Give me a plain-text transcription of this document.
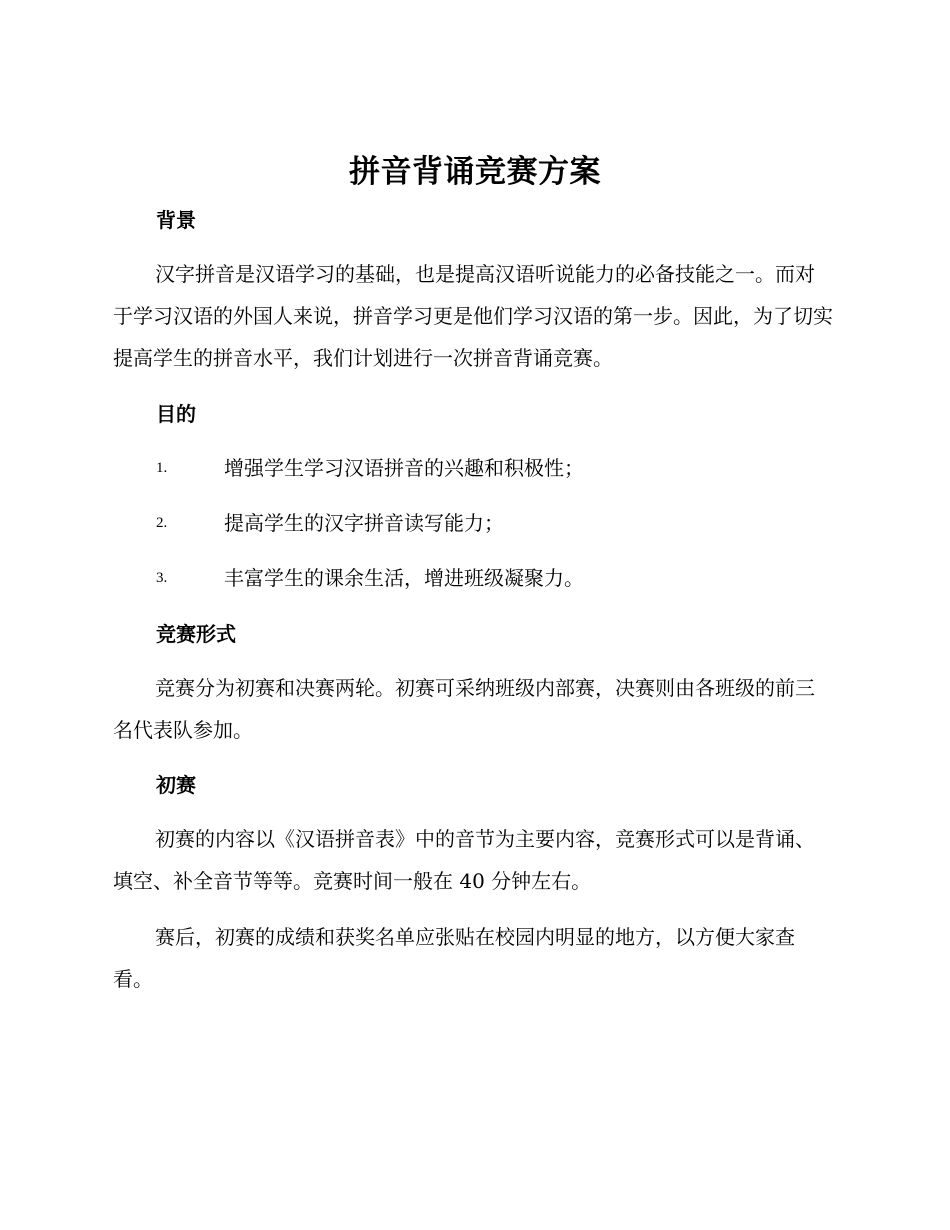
拼音背诵竞赛方案
背景

汉字拼音是汉语学习的基础，也是提高汉语听说能力的必备技能之一。而对于学习汉语的外国人来说，拼音学习更是他们学习汉语的第一步。因此，为了切实提高学生的拼音水平，我们计划进行一次拼音背诵竞赛。

目的
1.	增强学生学习汉语拼音的兴趣和积极性；
2.	提高学生的汉字拼音读写能力；
3.	丰富学生的课余生活，增进班级凝聚力。
竞赛形式

竞赛分为初赛和决赛两轮。初赛可采纳班级内部赛，决赛则由各班级的前三名代表队参加。

初赛

初赛的内容以《汉语拼音表》中的音节为主要内容，竞赛形式可以是背诵、填空、补全音节等等。竞赛时间一般在 40 分钟左右。

赛后，初赛的成绩和获奖名单应张贴在校园内明显的地方，以方便大家查看。
